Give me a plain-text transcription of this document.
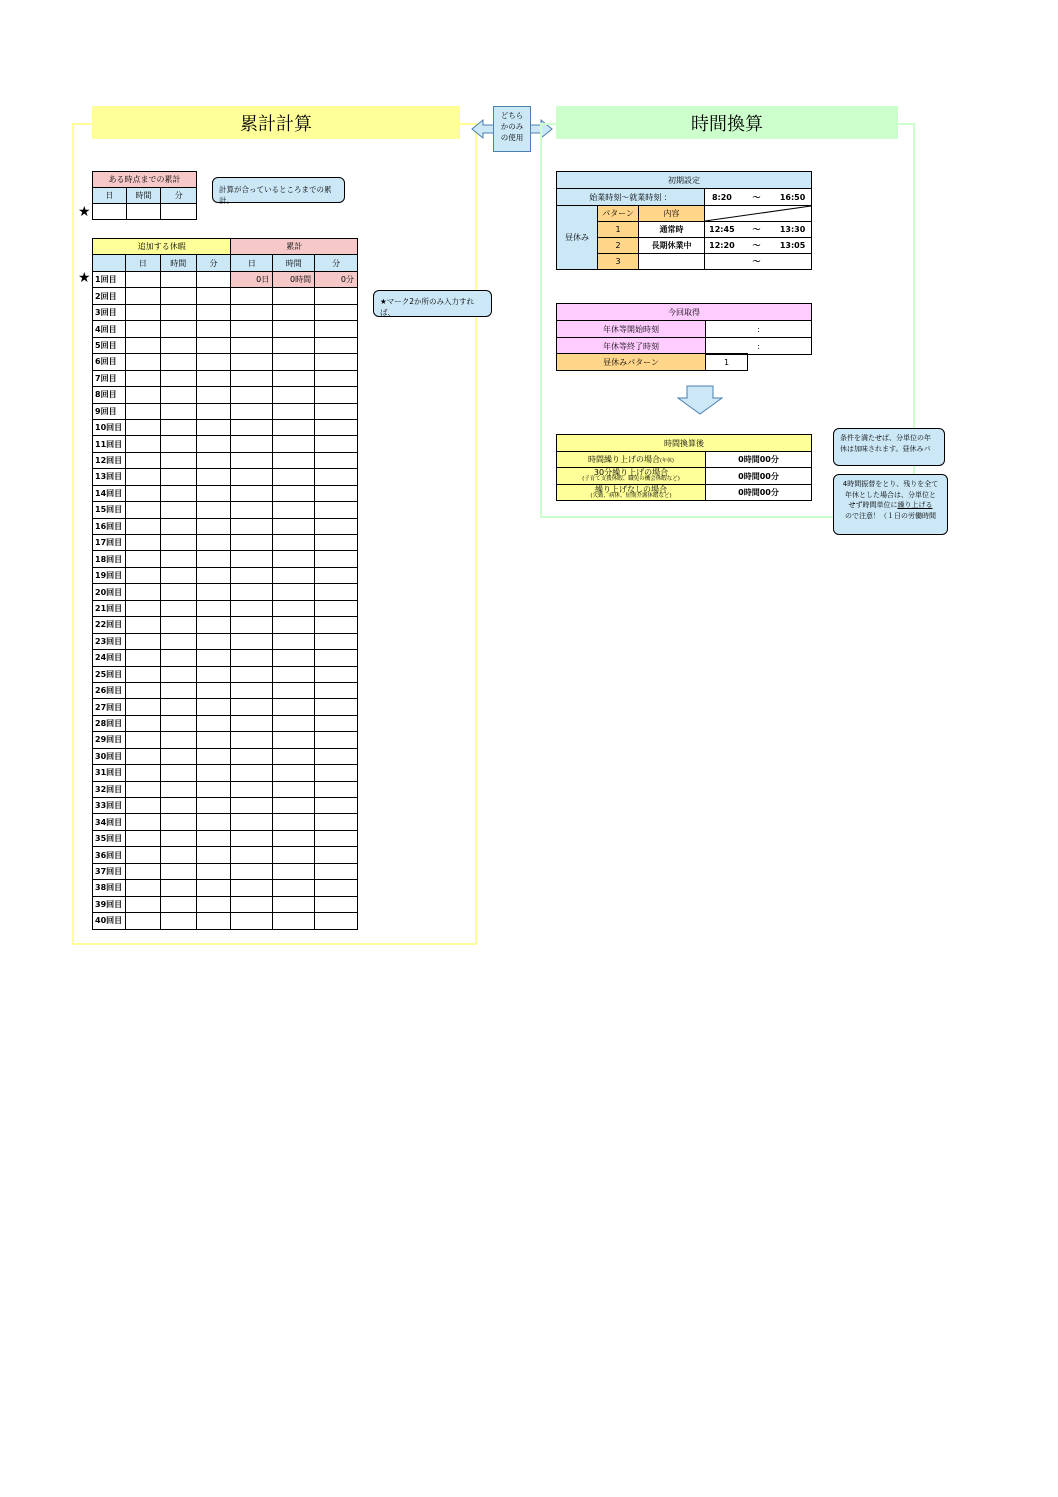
累計計算
ある時点までの累計		
日	時間	分

★
計算が合っているところまでの累計。
追加する休暇				累計		
	日	時間	分	日	時間	分
1回目				0日	0時間	0分
2回目						
3回目						
4回目						
5回目						
6回目						
7回目						
8回目						
9回目						
10回目						
11回目						
12回目						
13回目						
14回目						
15回目						
16回目						
17回目						
18回目						
19回目						
20回目						
21回目						
22回目						
23回目						
24回目						
25回目						
26回目						
27回目						
28回目						
29回目						
30回目						
31回目						
32回目						
33回目						
34回目						
35回目						
36回目						
37回目						
38回目						
39回目						
40回目						
★
★マーク2か所のみ入力すれば、
どちら
かのみ
の使用
時間換算
初期設定					
始業時刻～就業時刻 ：			8:20	～	16:50
昼休み	パターン	内容	

	1	通常時	12:45	～	13:30
	2	長期休業中	12:20	～	13:05
	3			～	
今回取得	
年休等開始時刻	:
年休等終了時刻	:
昼休みパターン	1
時間換算後	
時間繰り上げの場合(年休)	0時間00分

30分繰り上げの場合
(子育て支援休暇、職免の機会休暇など)	0時間00分

繰り上げなしの場合
(欠勤、病休、短期介護休暇など)	0時間00分
条件を満たせば、分単位の年
休は加味されます。昼休みパ
4時間振替をとり、残りを全て
年休とした場合は、分単位と
せず時間単位に繰り上げる
ので注意！（１日の労働時間
